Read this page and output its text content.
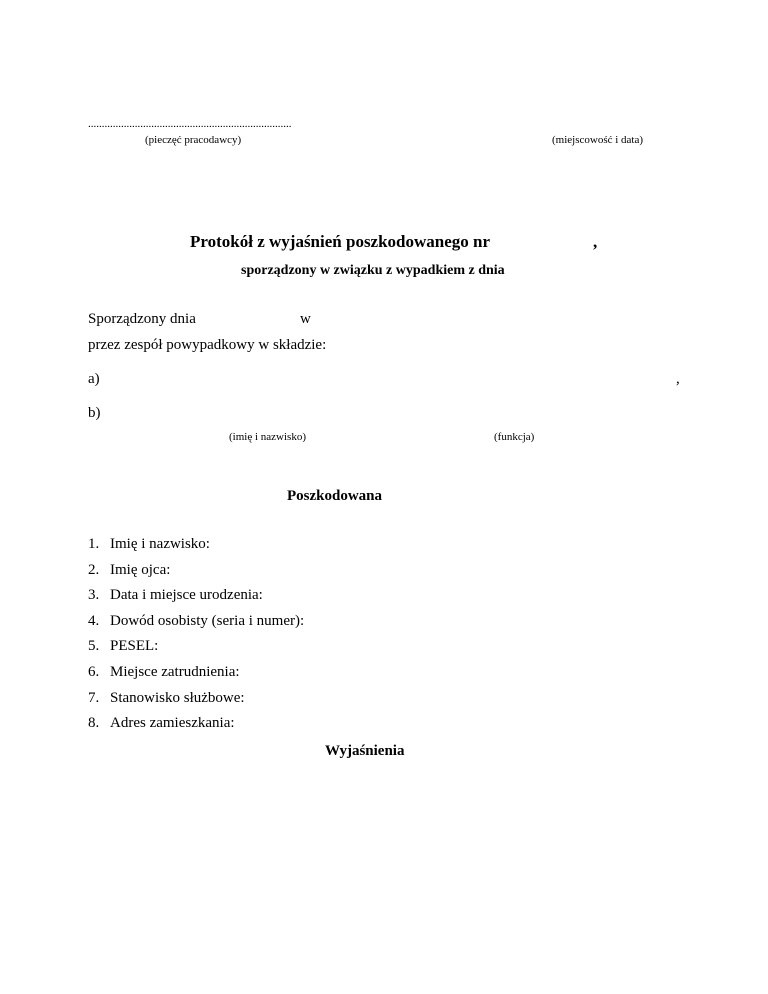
..........................................................................
(pieczęć pracodawcy)	(miejscowość i data)
Protokół z wyjaśnień poszkodowanego nr	,
sporządzony w związku z wypadkiem z dnia
Sporządzony dnia	w
przez zespół powypadkowy w składzie:
a)	,
b)
(imię i nazwisko)	(funkcja)
Poszkodowana
1. Imię i nazwisko:
2. Imię ojca:
3. Data i miejsce urodzenia:
4. Dowód osobisty (seria i numer):
5. PESEL:
6. Miejsce zatrudnienia:
7. Stanowisko służbowe:
8. Adres zamieszkania:
Wyjaśnienia
